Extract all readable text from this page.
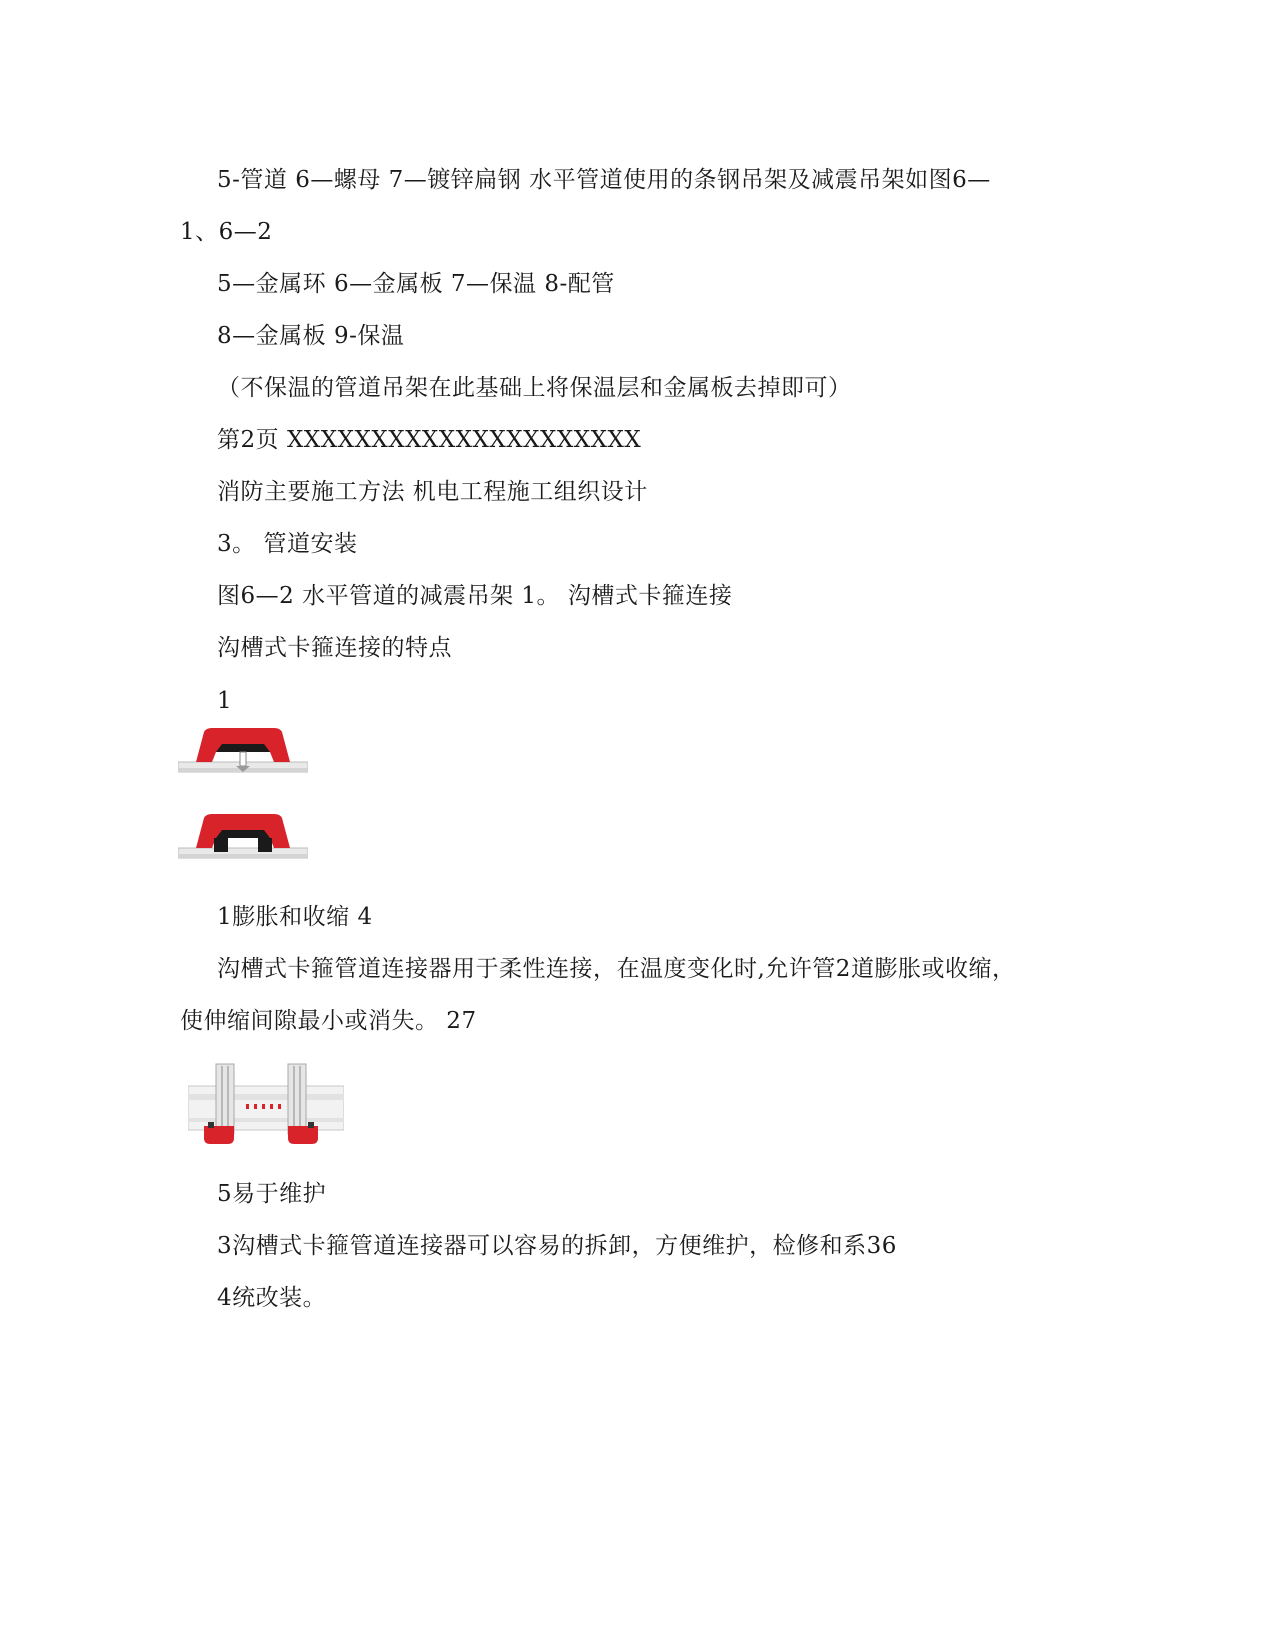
5-管道 6—螺母 7—镀锌扁钢 水平管道使用的条钢吊架及减震吊架如图6—
1、6—2
5—金属环 6—金属板 7—保温 8-配管
8—金属板 9-保温
（不保温的管道吊架在此基础上将保温层和金属板去掉即可）
第2页 XXXXXXXXXXXXXXXXXXXXX
消防主要施工方法 机电工程施工组织设计
3。 管道安装
图6—2 水平管道的减震吊架 1。 沟槽式卡箍连接
沟槽式卡箍连接的特点
1
1膨胀和收缩 4
沟槽式卡箍管道连接器用于柔性连接，在温度变化时,允许管2道膨胀或收缩，
使伸缩间隙最小或消失。 27
5易于维护
3沟槽式卡箍管道连接器可以容易的拆卸，方便维护，检修和系36
4统改装。
